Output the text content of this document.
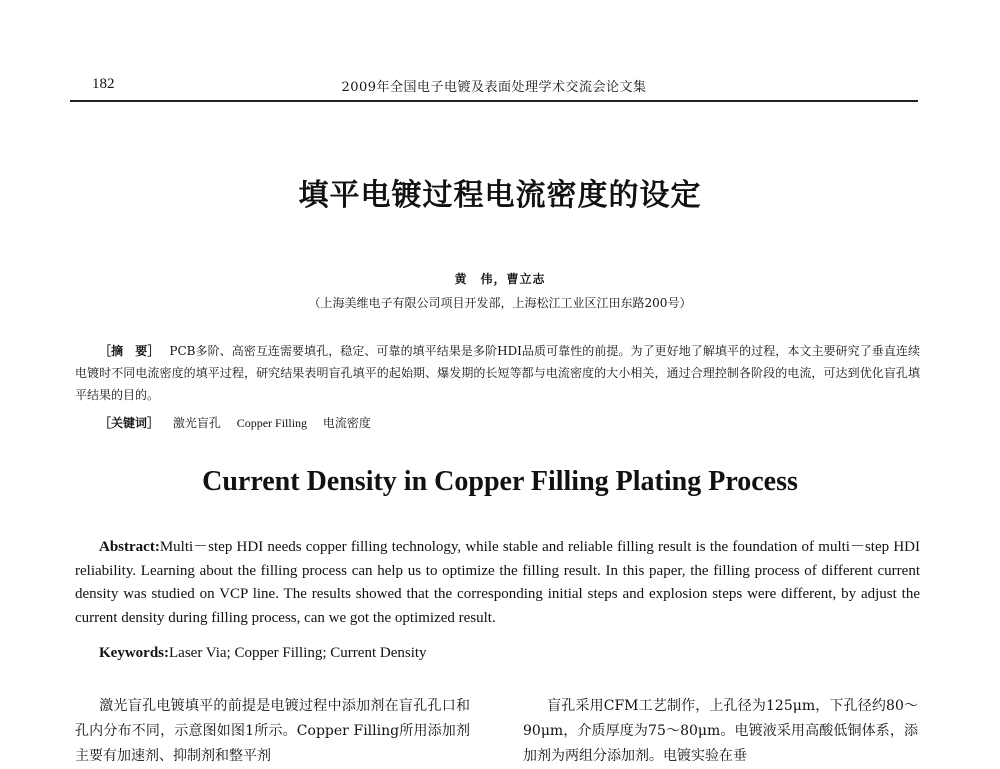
182	2009年全国电子电镀及表面处理学术交流会论文集
填平电镀过程电流密度的设定
黄　伟，曹立志
（上海美维电子有限公司项目开发部，上海松江工业区江田东路200号）
［摘　要］ PCB多阶、高密互连需要填孔，稳定、可靠的填平结果是多阶HDI品质可靠性的前提。为了更好地了解填平的过程，本文主要研究了垂直连续电镀时不同电流密度的填平过程，研究结果表明盲孔填平的起始期、爆发期的长短等都与电流密度的大小相关，通过合理控制各阶段的电流，可达到优化盲孔填平结果的目的。
［关键词］ 激光盲孔 Copper Filling 电流密度
Current Density in Copper Filling Plating Process
Abstract:Multi－step HDI needs copper filling technology, while stable and reliable filling result is the foundation of multi－step HDI reliability. Learning about the filling process can help us to optimize the filling result. In this paper, the filling process of different current density was studied on VCP line. The results showed that the corresponding initial steps and explosion steps were different, by adjust the current density during filling process, can we got the optimized result.
Keywords:Laser Via; Copper Filling; Current Density
激光盲孔电镀填平的前提是电镀过程中添加剂在盲孔孔口和孔内分布不同，示意图如图1所示。Copper Filling所用添加剂主要有加速剂、抑制剂和整平剂
盲孔采用CFM工艺制作，上孔径为125μm，下孔径约80～90μm，介质厚度为75～80μm。电镀液采用高酸低铜体系，添加剂为两组分添加剂。电镀实验在垂
